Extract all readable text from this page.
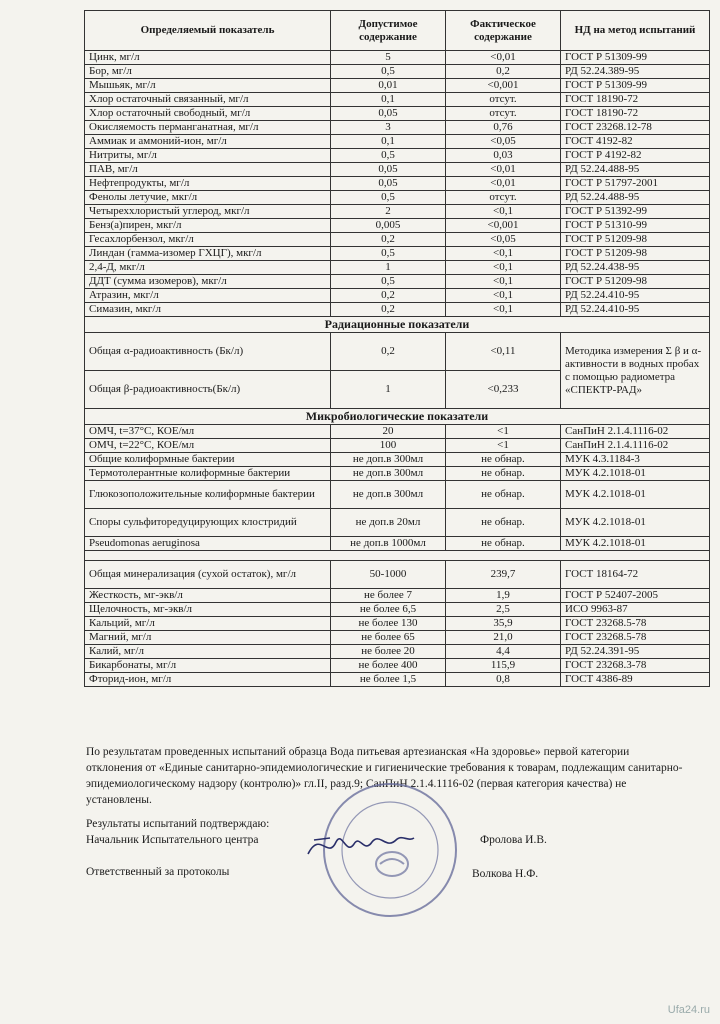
Определяемый показатель	Допустимое содержание	Фактическое содержание	НД на метод испытаний
Цинк, мг/л	5	<0,01	ГОСТ Р 51309-99
Бор, мг/л	0,5	0,2	РД 52.24.389-95
Мышьяк, мг/л	0,01	<0,001	ГОСТ Р 51309-99
Хлор остаточный связанный, мг/л	0,1	отсут.	ГОСТ 18190-72
Хлор остаточный свободный, мг/л	0,05	отсут.	ГОСТ 18190-72
Окисляемость перманганатная, мг/л	3	0,76	ГОСТ 23268.12-78
Аммиак и аммоний-ион, мг/л	0,1	<0,05	ГОСТ 4192-82
Нитриты, мг/л	0,5	0,03	ГОСТ Р 4192-82
ПАВ, мг/л	0,05	<0,01	РД 52.24.488-95
Нефтепродукты, мг/л	0,05	<0,01	ГОСТ Р 51797-2001
Фенолы летучие, мкг/л	0,5	отсут.	РД 52.24.488-95
Четыреххлористый углерод, мкг/л	2	<0,1	ГОСТ Р 51392-99
Бенз(а)пирен, мкг/л	0,005	<0,001	ГОСТ Р 51310-99
Гесахлорбензол, мкг/л	0,2	<0,05	ГОСТ Р 51209-98
Линдан (гамма-изомер ГХЦГ), мкг/л	0,5	<0,1	ГОСТ Р 51209-98
2,4-Д, мкг/л	1	<0,1	РД 52.24.438-95
ДДТ (сумма изомеров), мкг/л	0,5	<0,1	ГОСТ Р 51209-98
Атразин, мкг/л	0,2	<0,1	РД 52.24.410-95
Симазин, мкг/л	0,2	<0,1	РД 52.24.410-95
Радиационные показатели			
Общая α-радиоактивность (Бк/л)	0,2	<0,11	Методика измерения Σ β и α-активности в водных пробах с помощью радиометра «СПЕКТР-РАД»
Общая β-радиоактивность(Бк/л)	1	<0,233	
Микробиологические показатели			
ОМЧ, t=37°С, КОЕ/мл	20	<1	СанПиН 2.1.4.1116-02
ОМЧ, t=22°С, КОЕ/мл	100	<1	СанПиН 2.1.4.1116-02
Общие колиформные бактерии	не доп.в 300мл	не обнар.	МУК 4.3.1184-3
Термотолерантные колиформные бактерии	не доп.в 300мл	не обнар.	МУК 4.2.1018-01
Глюкозоположительные колиформные бактерии	не доп.в 300мл	не обнар.	МУК 4.2.1018-01
Споры сульфитоpедуцирующих клостридий	не доп.в 20мл	не обнар.	МУК 4.2.1018-01
Pseudomonas aeruginosa	не доп.в 1000мл	не обнар.	МУК 4.2.1018-01

Общая минерализация (сухой остаток), мг/л	50-1000	239,7	ГОСТ 18164-72
Жесткость, мг-экв/л	не более 7	1,9	ГОСТ Р 52407-2005
Щелочность, мг-экв/л	не более 6,5	2,5	ИСО 9963-87
Кальций, мг/л	не более 130	35,9	ГОСТ 23268.5-78
Магний, мг/л	не более 65	21,0	ГОСТ 23268.5-78
Калий, мг/л	не более 20	4,4	РД 52.24.391-95
Бикарбонаты, мг/л	не более 400	115,9	ГОСТ 23268.3-78
Фторид-ион, мг/л	не более 1,5	0,8	ГОСТ 4386-89
По результатам проведенных испытаний образца Вода питьевая артезианская «На здоровье» первой категории отклонения от «Единые санитарно-эпидемиологические и гигиенические требования к товарам, подлежащим санитарно-эпидемиологическому надзору (контролю)» гл.II, разд.9; СанПиН 2.1.4.1116-02 (первая категория качества) не установлены.
Результаты испытаний подтверждаю:
Начальник Испытательного центра	Фролова И.В.
Ответственный за протоколы	Волкова Н.Ф.
Ufa24.ru
